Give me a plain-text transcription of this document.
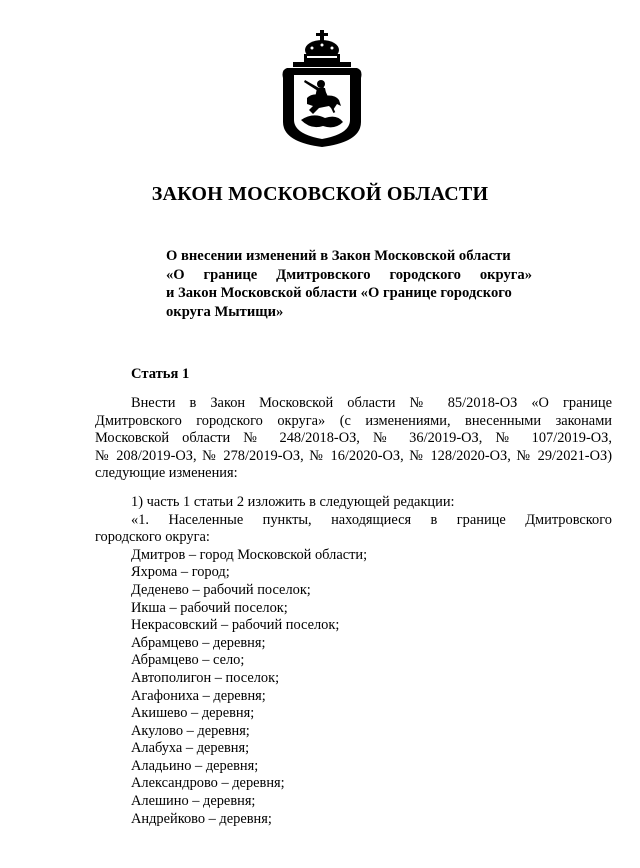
ЗАКОН МОСКОВСКОЙ ОБЛАСТИ
О внесении изменений в Закон Московской области
«О границе Дмитровского городского округа»
и Закон Московской области «О границе городского
округа Мытищи»
Статья 1
Внести в Закон Московской области № 85/2018-ОЗ «О границе
Дмитровского городского округа» (с изменениями, внесенными законами
Московской области № 248/2018-ОЗ, № 36/2019-ОЗ, № 107/2019-ОЗ,
№ 208/2019-ОЗ, № 278/2019-ОЗ, № 16/2020-ОЗ, № 128/2020-ОЗ, № 29/2021-ОЗ)
следующие изменения:
1) часть 1 статьи 2 изложить в следующей редакции:
«1. Населенные пункты, находящиеся в границе Дмитровского
городского округа:
Дмитров – город Московской области;
Яхрома – город;
Деденево – рабочий поселок;
Икша – рабочий поселок;
Некрасовский – рабочий поселок;
Абрамцево – деревня;
Абрамцево – село;
Автополигон – поселок;
Агафониха – деревня;
Акишево – деревня;
Акулово – деревня;
Алабуха – деревня;
Аладьино – деревня;
Александрово – деревня;
Алешино – деревня;
Андрейково – деревня;
